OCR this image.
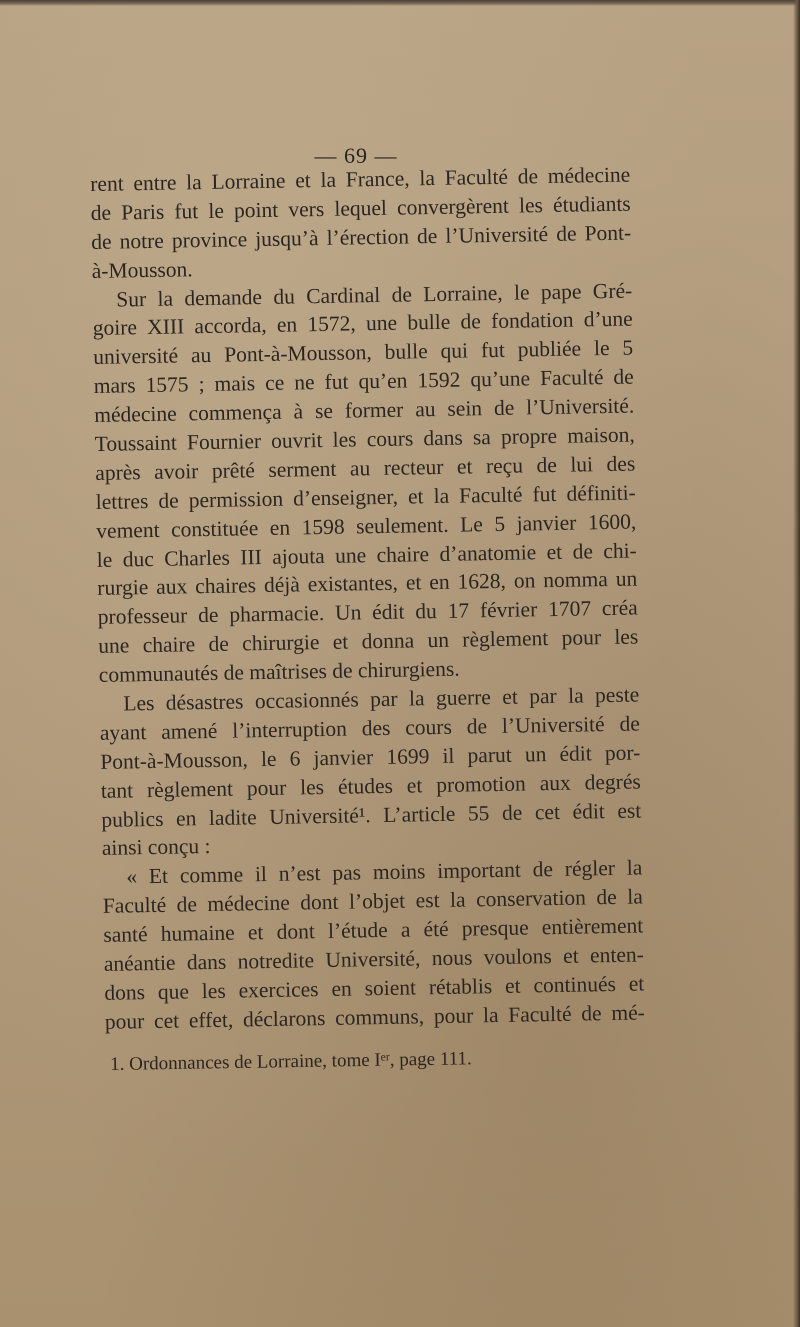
— 69 —
rent entre la Lorraine et la France, la Faculté de médecine
de Paris fut le point vers lequel convergèrent les étudiants
de notre province jusqu’à l’érection de l’Université de Pont-
à-Mousson.
Sur la demande du Cardinal de Lorraine, le pape Gré-
goire XIII accorda, en 1572, une bulle de fondation d’une
université au Pont-à-Mousson, bulle qui fut publiée le 5
mars 1575 ; mais ce ne fut qu’en 1592 qu’une Faculté de
médecine commença à se former au sein de l’Université.
Toussaint Fournier ouvrit les cours dans sa propre maison,
après avoir prêté serment au recteur et reçu de lui des
lettres de permission d’enseigner, et la Faculté fut définiti-
vement constituée en 1598 seulement. Le 5 janvier 1600,
le duc Charles III ajouta une chaire d’anatomie et de chi-
rurgie aux chaires déjà existantes, et en 1628, on nomma un
professeur de pharmacie. Un édit du 17 février 1707 créa
une chaire de chirurgie et donna un règlement pour les
communautés de maîtrises de chirurgiens.
Les désastres occasionnés par la guerre et par la peste
ayant amené l’interruption des cours de l’Université de
Pont-à-Mousson, le 6 janvier 1699 il parut un édit por-
tant règlement pour les études et promotion aux degrés
publics en ladite Université¹. L’article 55 de cet édit est
ainsi conçu :
« Et comme il n’est pas moins important de régler la
Faculté de médecine dont l’objet est la conservation de la
santé humaine et dont l’étude a été presque entièrement
anéantie dans notredite Université, nous voulons et enten-
dons que les exercices en soient rétablis et continués et
pour cet effet, déclarons communs, pour la Faculté de mé-
1. Ordonnances de Lorraine, tome Iᵉʳ, page 111.
